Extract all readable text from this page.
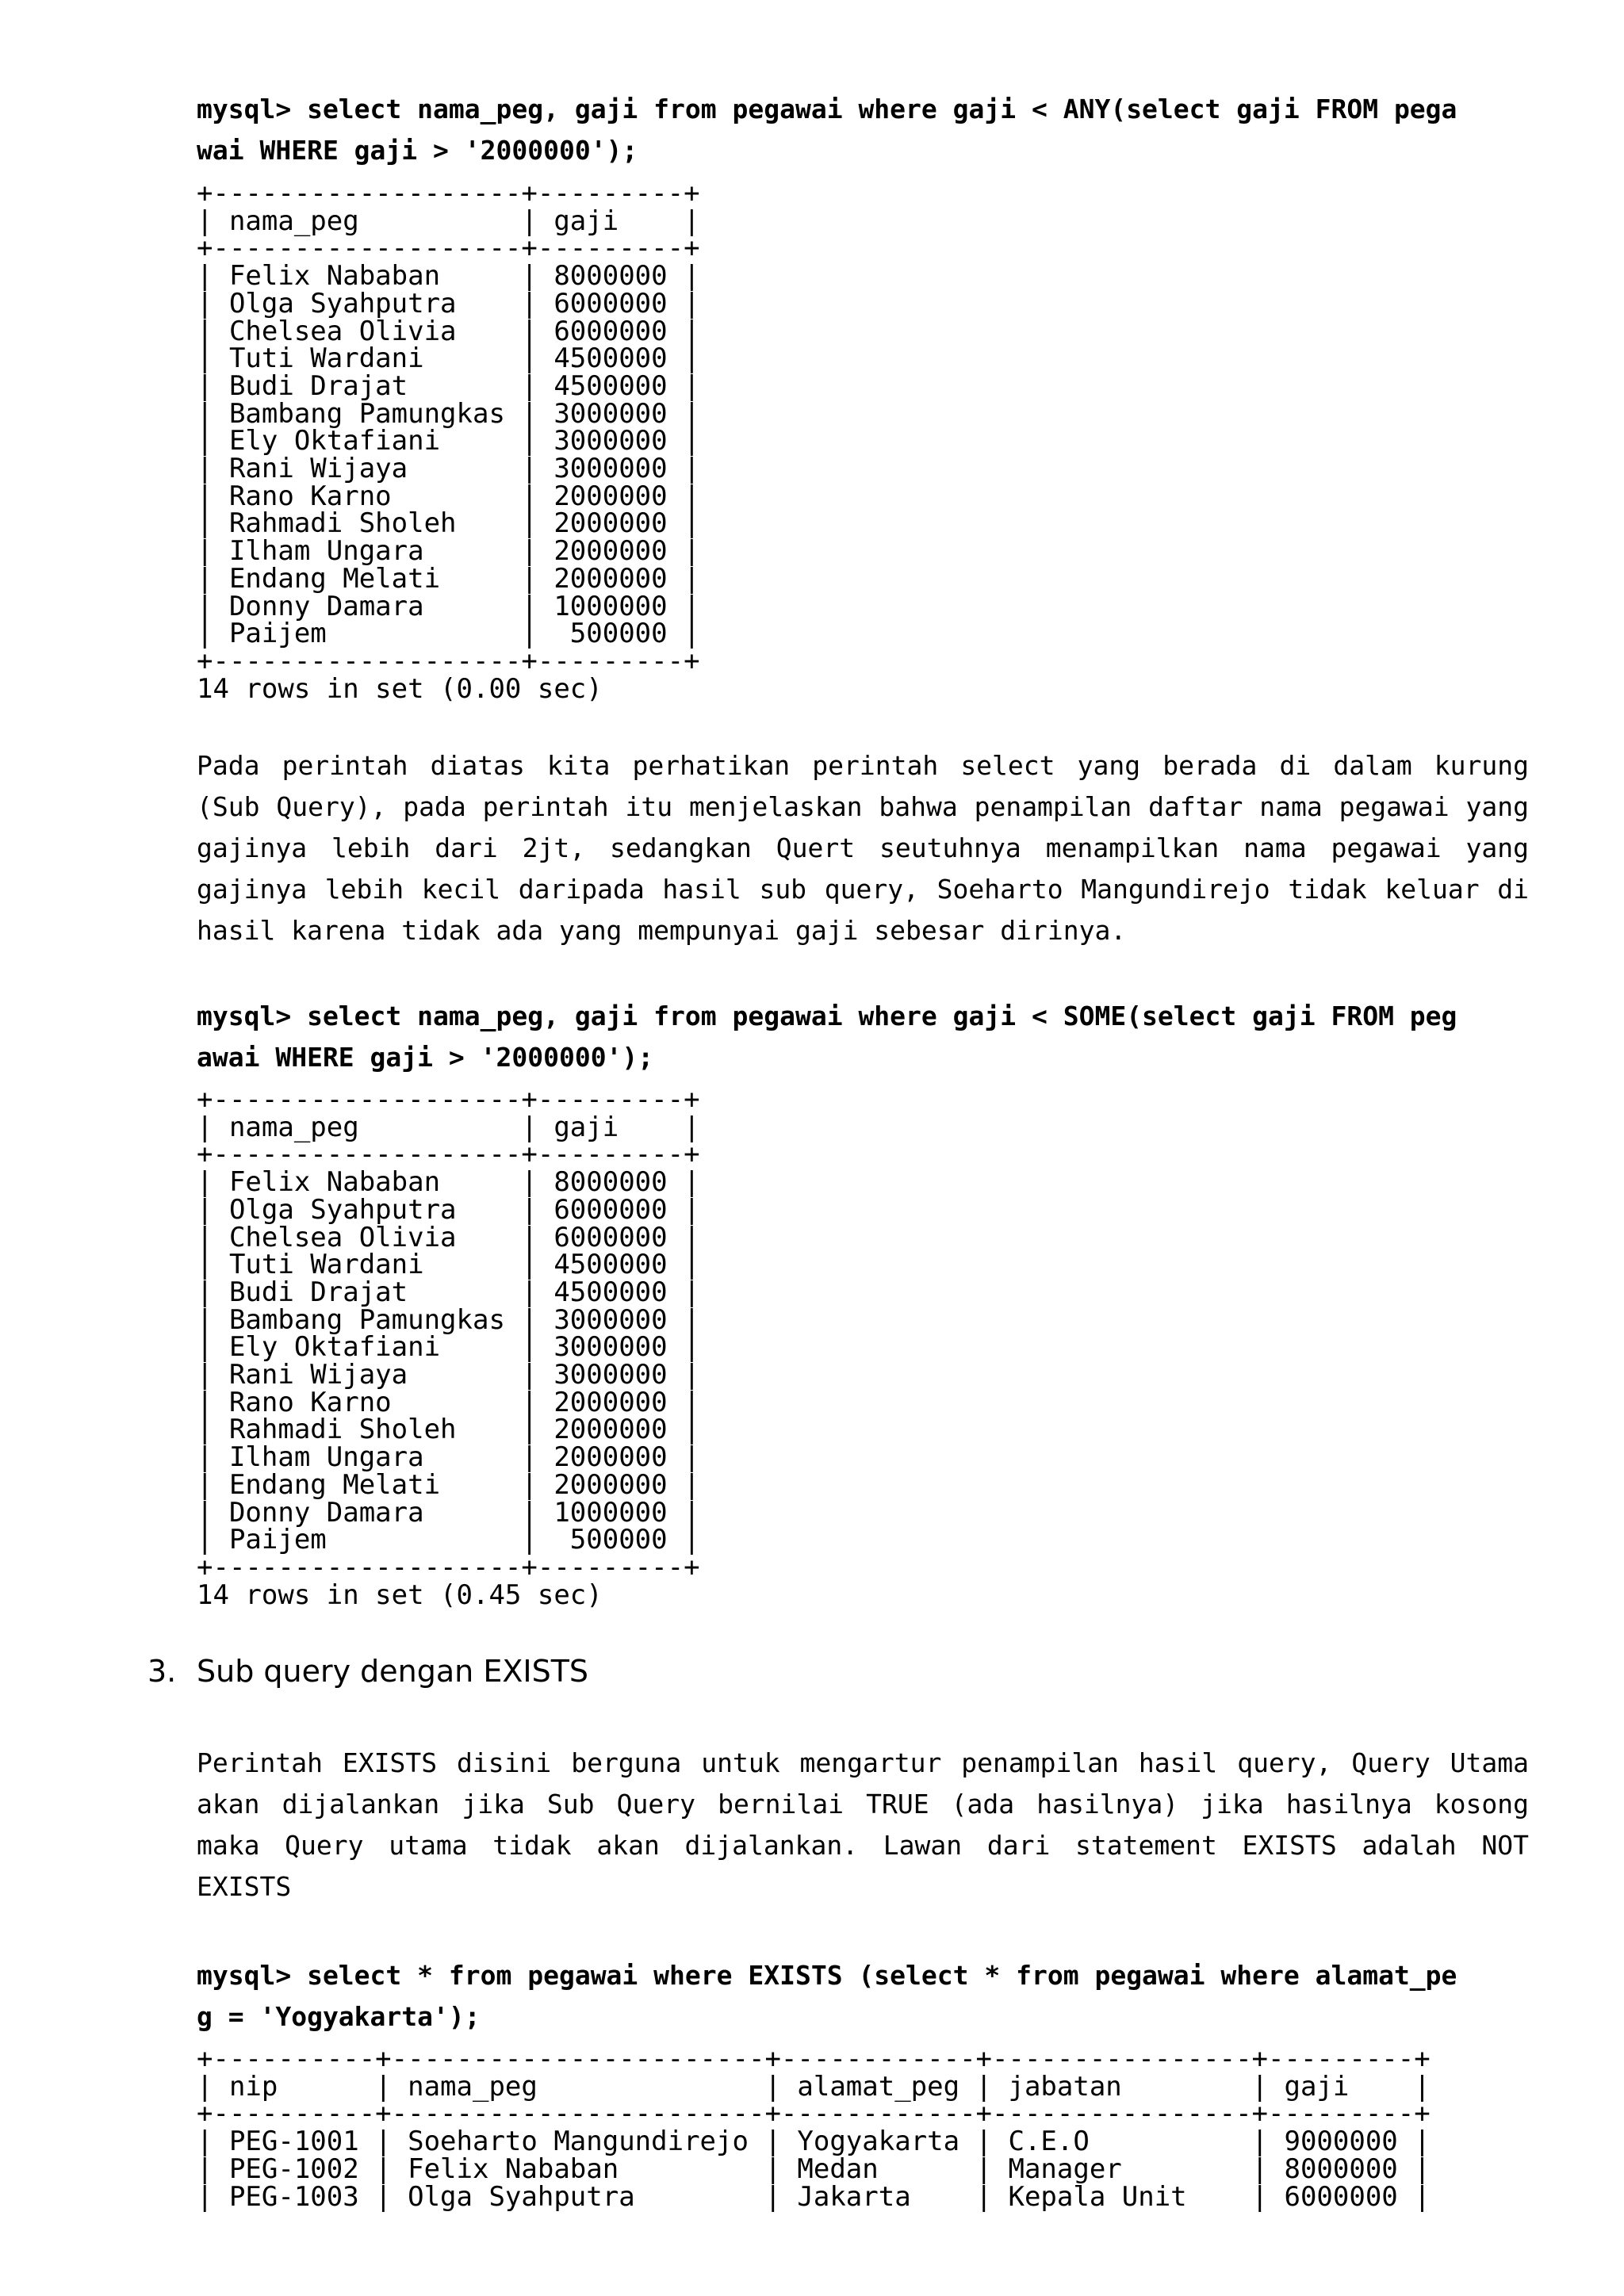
mysql> select nama_peg, gaji from pegawai where gaji < ANY(select gaji FROM pega
wai WHERE gaji > '2000000');
+-------------------+---------+
| nama_peg          | gaji    |
+-------------------+---------+
| Felix Nababan     | 8000000 |
| Olga Syahputra    | 6000000 |
| Chelsea Olivia    | 6000000 |
| Tuti Wardani      | 4500000 |
| Budi Drajat       | 4500000 |
| Bambang Pamungkas | 3000000 |
| Ely Oktafiani     | 3000000 |
| Rani Wijaya       | 3000000 |
| Rano Karno        | 2000000 |
| Rahmadi Sholeh    | 2000000 |
| Ilham Ungara      | 2000000 |
| Endang Melati     | 2000000 |
| Donny Damara      | 1000000 |
| Paijem            |  500000 |
+-------------------+---------+
14 rows in set (0.00 sec)

Pada perintah diatas kita perhatikan perintah select yang berada di dalam kurung (Sub Query), pada perintah itu menjelaskan bahwa penampilan daftar nama pegawai yang gajinya lebih dari 2jt, sedangkan Quert seutuhnya menampilkan nama pegawai yang gajinya lebih kecil daripada hasil sub query, Soeharto Mangundirejo tidak keluar di hasil karena tidak ada yang mempunyai gaji sebesar dirinya.

mysql> select nama_peg, gaji from pegawai where gaji < SOME(select gaji FROM peg
awai WHERE gaji > '2000000');
+-------------------+---------+
| nama_peg          | gaji    |
+-------------------+---------+
| Felix Nababan     | 8000000 |
| Olga Syahputra    | 6000000 |
| Chelsea Olivia    | 6000000 |
| Tuti Wardani      | 4500000 |
| Budi Drajat       | 4500000 |
| Bambang Pamungkas | 3000000 |
| Ely Oktafiani     | 3000000 |
| Rani Wijaya       | 3000000 |
| Rano Karno        | 2000000 |
| Rahmadi Sholeh    | 2000000 |
| Ilham Ungara      | 2000000 |
| Endang Melati     | 2000000 |
| Donny Damara      | 1000000 |
| Paijem            |  500000 |
+-------------------+---------+
14 rows in set (0.45 sec)
3. Sub query dengan EXISTS

Perintah EXISTS disini berguna untuk mengartur penampilan hasil query, Query Utama akan dijalankan jika Sub Query bernilai TRUE (ada hasilnya) jika hasilnya kosong maka Query utama tidak akan dijalankan. Lawan dari statement EXISTS adalah NOT EXISTS

mysql> select * from pegawai where EXISTS (select * from pegawai where alamat_pe
g = 'Yogyakarta');
+----------+-----------------------+------------+----------------+---------+
| nip      | nama_peg              | alamat_peg | jabatan        | gaji    |
+----------+-----------------------+------------+----------------+---------+
| PEG-1001 | Soeharto Mangundirejo | Yogyakarta | C.E.O          | 9000000 |
| PEG-1002 | Felix Nababan         | Medan      | Manager        | 8000000 |
| PEG-1003 | Olga Syahputra        | Jakarta    | Kepala Unit    | 6000000 |
